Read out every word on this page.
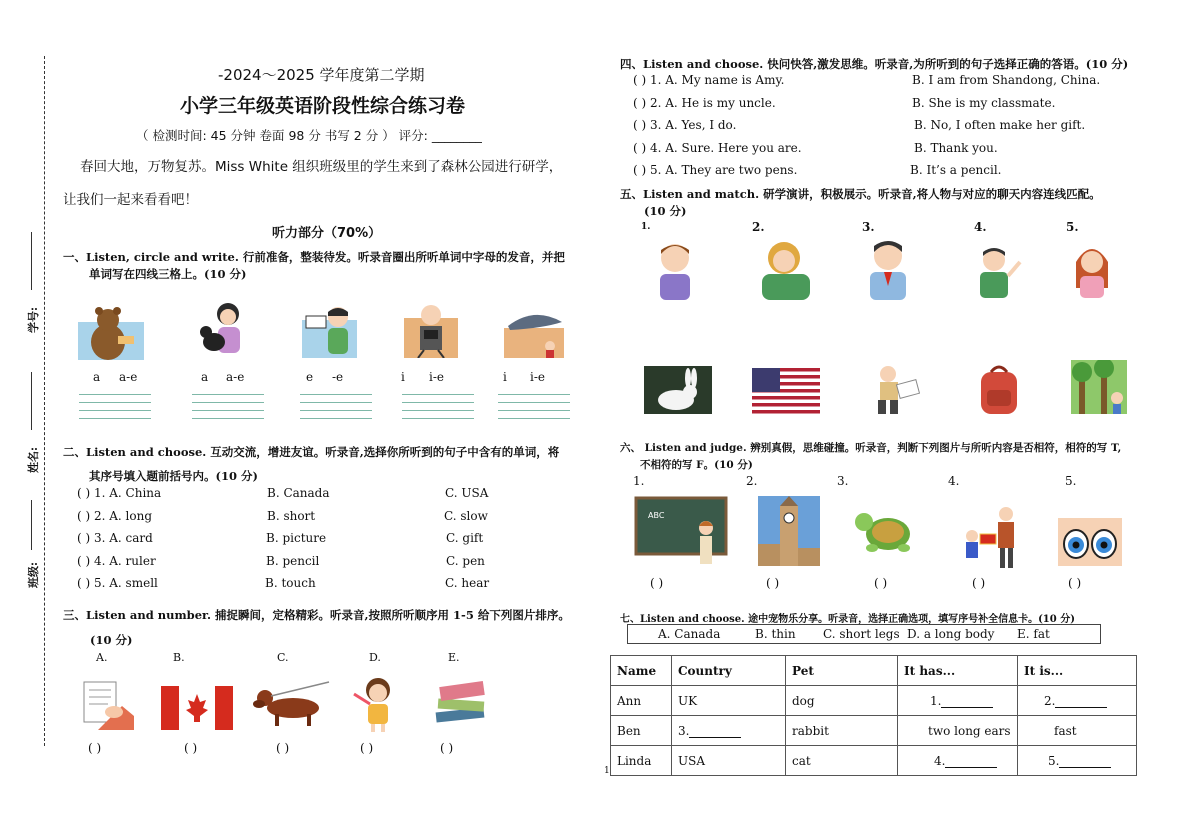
学号:
姓名:
班级:
-2024～2025 学年度第二学期
小学三年级英语阶段性综合练习卷
（ 检测时间: 45 分钟 卷面 98 分 书写 2 分 ） 评分: ________
春回大地，万物复苏。Miss White 组织班级里的学生来到了森林公园进行研学，
让我们一起来看看吧！
听力部分（70%）
一、Listen, circle and write. 行前准备，整装待发。听录音圈出所听单词中字母的发音，并把
单词写在四线三格上。(10 分)
a a-e	a a-e	e -e	i i-e	i i-e
二、Listen and choose. 互动交流，增进友谊。听录音,选择你所听到的句子中含有的单词，将
其序号填入题前括号内。(10 分)
( ) 1. A. China	B. Canada	C. USA
( ) 2. A. long	B. short	C. slow
( ) 3. A. card	B. picture	C. gift
( ) 4. A. ruler	B. pencil	C. pen
( ) 5. A. smell	B. touch	C. hear
三、Listen and number. 捕捉瞬间，定格精彩。听录音,按照所听顺序用 1-5 给下列图片排序。
(10 分)
A.	B.	C.	D.	E.
( )	( )	( )	( )	( )
四、Listen and choose. 快问快答,激发思维。听录音,为所听到的句子选择正确的答语。(10 分)
( ) 1. A. My name is Amy.	B. I am from Shandong, China.
( ) 2. A. He is my uncle.	B. She is my classmate.
( ) 3. A. Yes, I do.	B. No, I often make her gift.
( ) 4. A. Sure. Here you are.	B. Thank you.
( ) 5. A. They are two pens.	B. It’s a pencil.
五、Listen and match. 研学演讲，积极展示。听录音,将人物与对应的聊天内容连线匹配。
(10 分)
1.	2.	3.	4.	5.
六、 Listen and judge. 辨别真假，思维碰撞。听录音，判断下列图片与所听内容是否相符，相符的写 T,
不相符的写 F。(10 分)
1.	2.	3.	4.	5.
ABC
( )	( )	( )	( )	( )
七、Listen and choose. 途中宠物乐分享。听录音，选择正确选项，填写序号补全信息卡。(10 分)
A. Canada	B. thin C. short legs D. a long body E. fat
Name	Country	Pet	It has...	It is...
Ann	UK	dog	1.	2.
Ben	3.	rabbit	two long ears	fast
Linda	USA	cat	4.	5.
1
